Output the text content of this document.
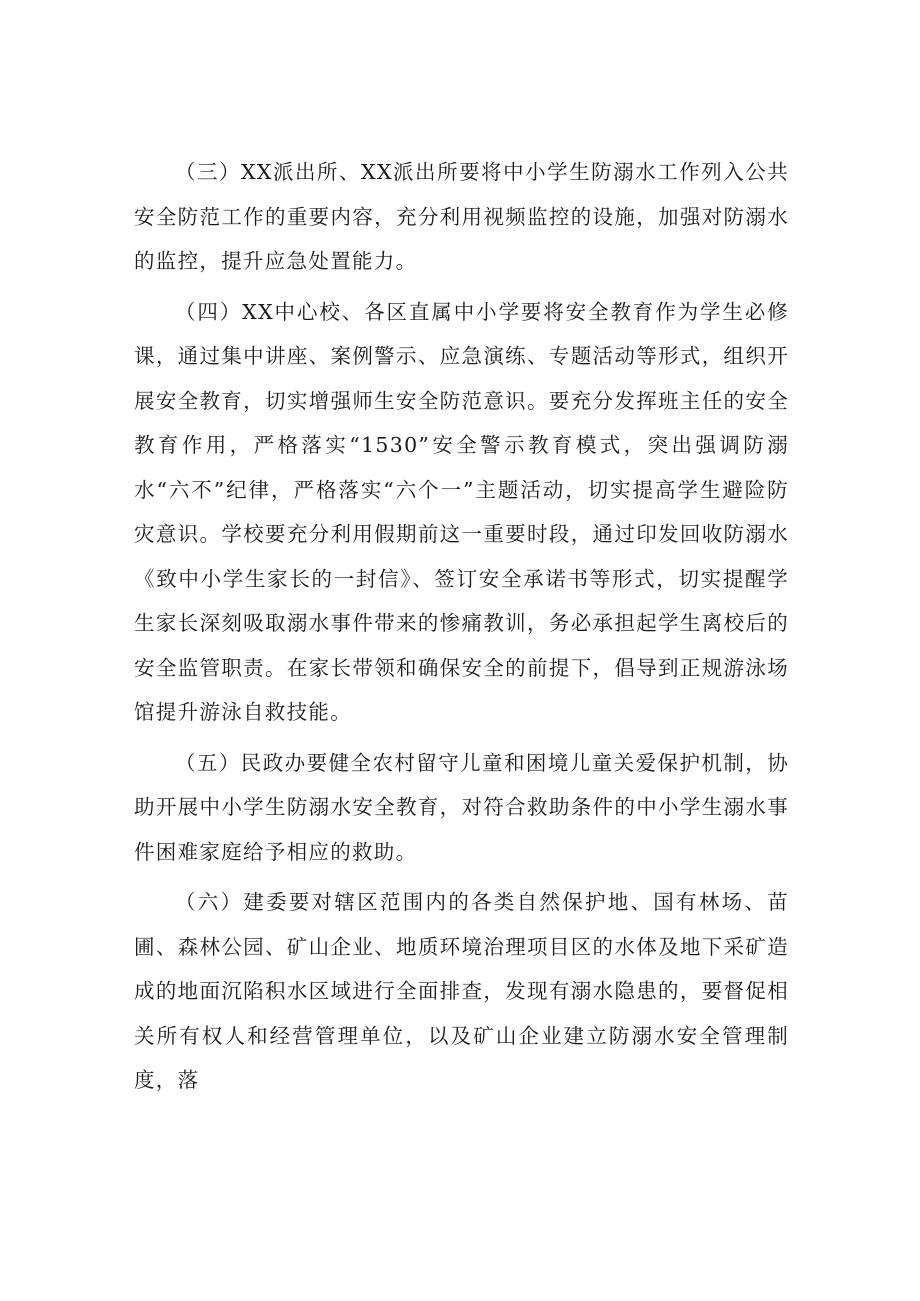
（三）XX派出所、XX派出所要将中小学生防溺水工作列入公共安全防范工作的重要内容，充分利用视频监控的设施，加强对防溺水的监控，提升应急处置能力。

（四）XX中心校、各区直属中小学要将安全教育作为学生必修课，通过集中讲座、案例警示、应急演练、专题活动等形式，组织开展安全教育，切实增强师生安全防范意识。要充分发挥班主任的安全教育作用，严格落实“1530”安全警示教育模式，突出强调防溺水“六不”纪律，严格落实“六个一”主题活动，切实提高学生避险防灾意识。学校要充分利用假期前这一重要时段，通过印发回收防溺水《致中小学生家长的一封信》、签订安全承诺书等形式，切实提醒学生家长深刻吸取溺水事件带来的惨痛教训，务必承担起学生离校后的安全监管职责。在家长带领和确保安全的前提下，倡导到正规游泳场馆提升游泳自救技能。

（五）民政办要健全农村留守儿童和困境儿童关爱保护机制，协助开展中小学生防溺水安全教育，对符合救助条件的中小学生溺水事件困难家庭给予相应的救助。

（六）建委要对辖区范围内的各类自然保护地、国有林场、苗圃、森林公园、矿山企业、地质环境治理项目区的水体及地下采矿造成的地面沉陷积水区域进行全面排查，发现有溺水隐患的，要督促相关所有权人和经营管理单位，以及矿山企业建立防溺水安全管理制度，落
